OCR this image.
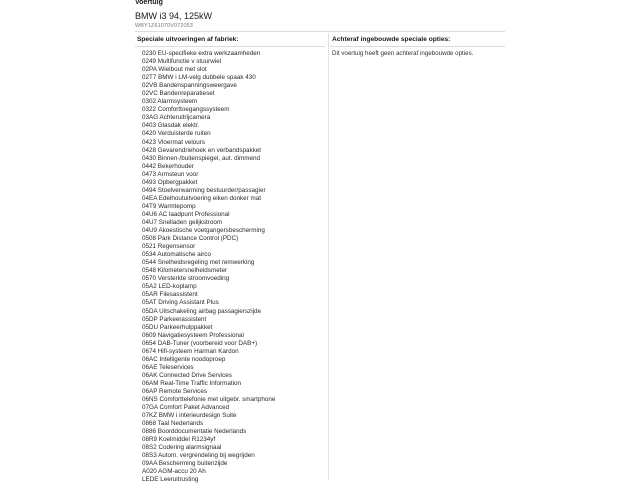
Voertuig
BMW i3 94, 125kW
WBY1Z61070V072053
Speciale uitvoeringen af fabriek:
0230 EU-specifieke extra werkzaamheden
0249 Multifunctie v stuurwiel
02PA Wielbout met slot
02T7 BMW i LM-velg dubbele spaak 430
02VB Bandenspanningsweergave
02VC Bandenreparatieset
0302 Alarmsysteem
0322 Comforttoegangssysteem
03AG Achteruitrijcamera
0403 Glasdak elektr.
0420 Verduisterde ruiten
0423 Vloermat velours
0428 Gevarendriehoek en verbandspakket
0430 Binnen-/buitenspiegel, aut. dimmend
0442 Bekerhouder
0473 Armsteun voor
0493 Opbergpakket
0494 Stoelverwarming bestuurder/passagier
04EA Edelhoutuitvoering eiken donker mat
04T9 Warmtepomp
04U6 AC laadpunt Professional
04U7 Snelladen gelijkstroom
04U9 Akoestische voetgangersbescherming
0508 Park Distance Control (PDC)
0521 Regensensor
0534 Automatische airco
0544 Snelheidsregeling met remwerking
0548 Kilometersnelheidsmeter
0570 Versterkte stroomvoeding
05A2 LED-koplamp
05AR Filesassistent
05AT Driving Assistant Plus
05DA Uitschakeling airbag passagierszijde
05DP Parkeerassistent
05DU Parkeerhulppakket
0609 Navigatiesysteem Professional
0654 DAB-Tuner (voorbereid voor DAB+)
0674 Hifi-systeem Harman Kardon
06AC Intelligente noodoproep
06AE Teleservices
06AK Connected Drive Services
06AM Real-Time Traffic Information
06AP Remote Services
06NS Comforttelefonie met uitgebr. smartphone
07GA Comfort Paket Advanced
07KZ BMW i interieurdesign Suite
0868 Taal Nederlands
0886 Boorddocumentatie Nederlands
08R9 Koelmiddel R1234yf
08S2 Codering alarmsignaal
08S3 Autom. vergrendeling bij wegrijden
09AA Bescherming buitenzijde
A020 AGM-accu 20 Ah
LEDE Leeruitrusting
Achteraf ingebouwde speciale opties:
Dit voertuig heeft geen achteraf ingebouwde opties.
